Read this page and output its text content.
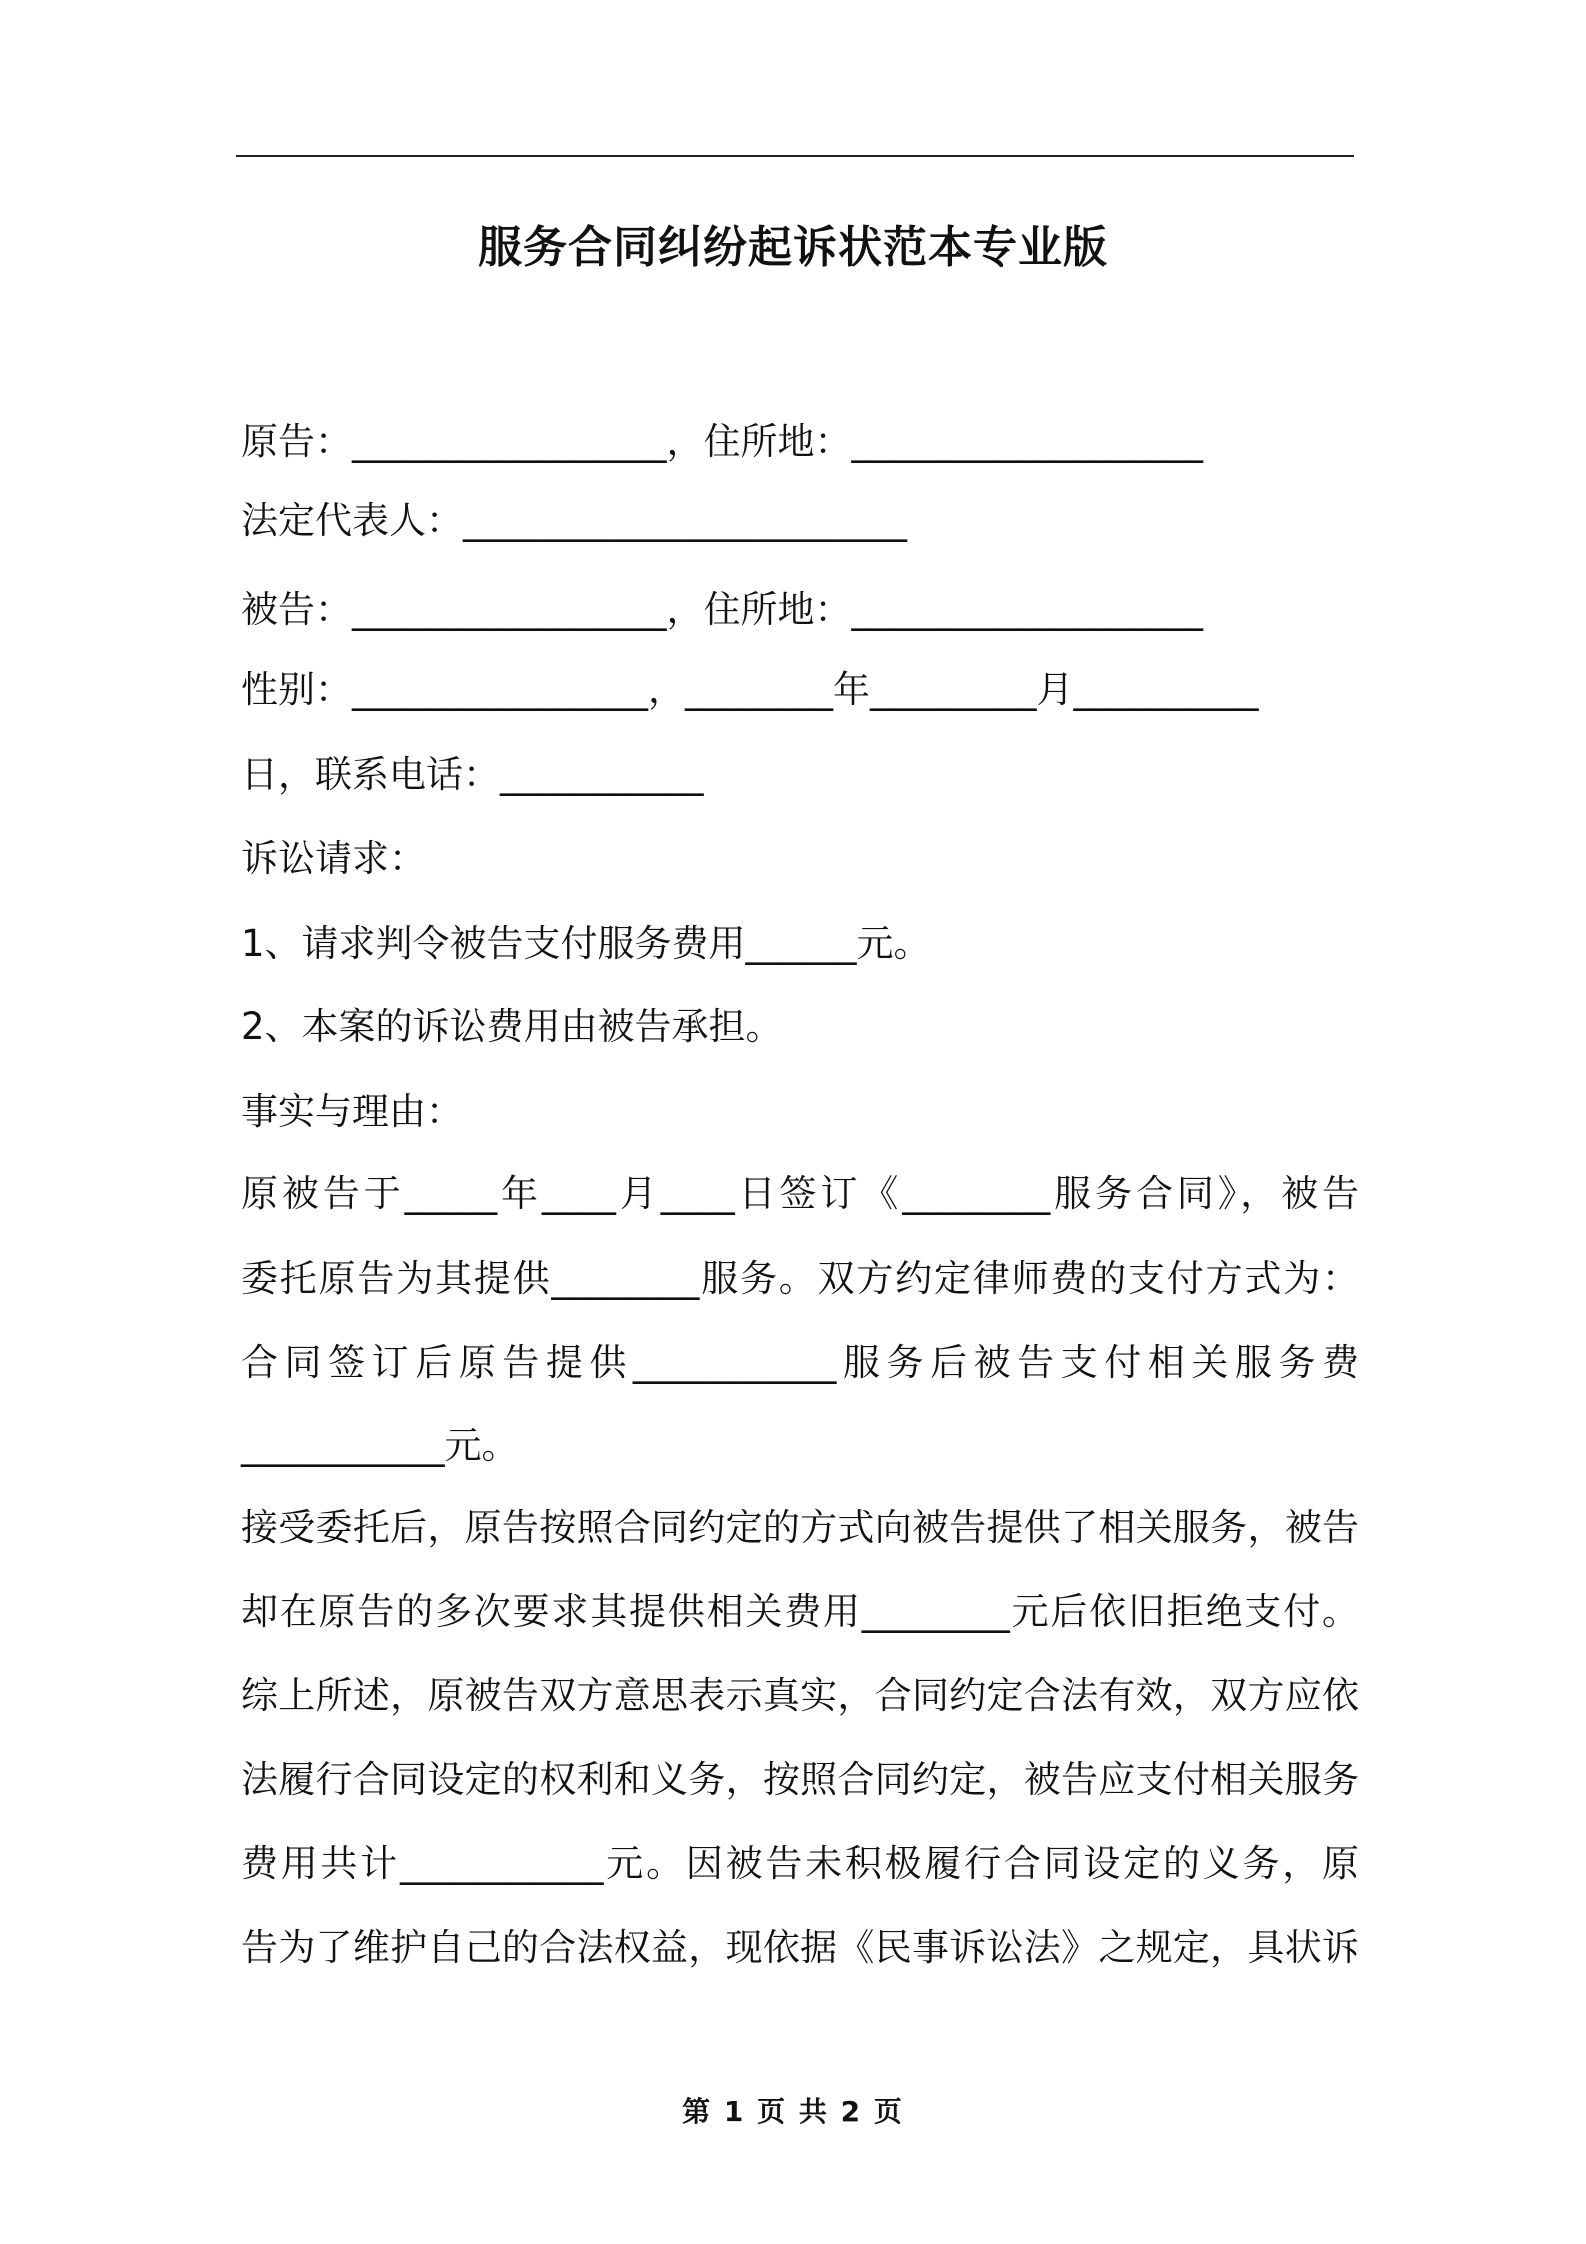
服务合同纠纷起诉状范本专业版
原告：_________________，住所地：___________________
法定代表人：________________________
被告：_________________，住所地：___________________
性别：________________，________年_________月__________
日，联系电话：___________
诉讼请求：
1、请求判令被告支付服务费用______元。
2、本案的诉讼费用由被告承担。
事实与理由：
原被告于_____年____月____日签订《________服务合同》，被告
委托原告为其提供________服务。双方约定律师费的支付方式为：
合同签订后原告提供___________服务后被告支付相关服务费
___________元。
接受委托后，原告按照合同约定的方式向被告提供了相关服务，被告
却在原告的多次要求其提供相关费用________元后依旧拒绝支付。
综上所述，原被告双方意思表示真实，合同约定合法有效，双方应依
法履行合同设定的权利和义务，按照合同约定，被告应支付相关服务
费用共计___________元。因被告未积极履行合同设定的义务，原
告为了维护自己的合法权益，现依据《民事诉讼法》之规定，具状诉
第 1 页 共 2 页
